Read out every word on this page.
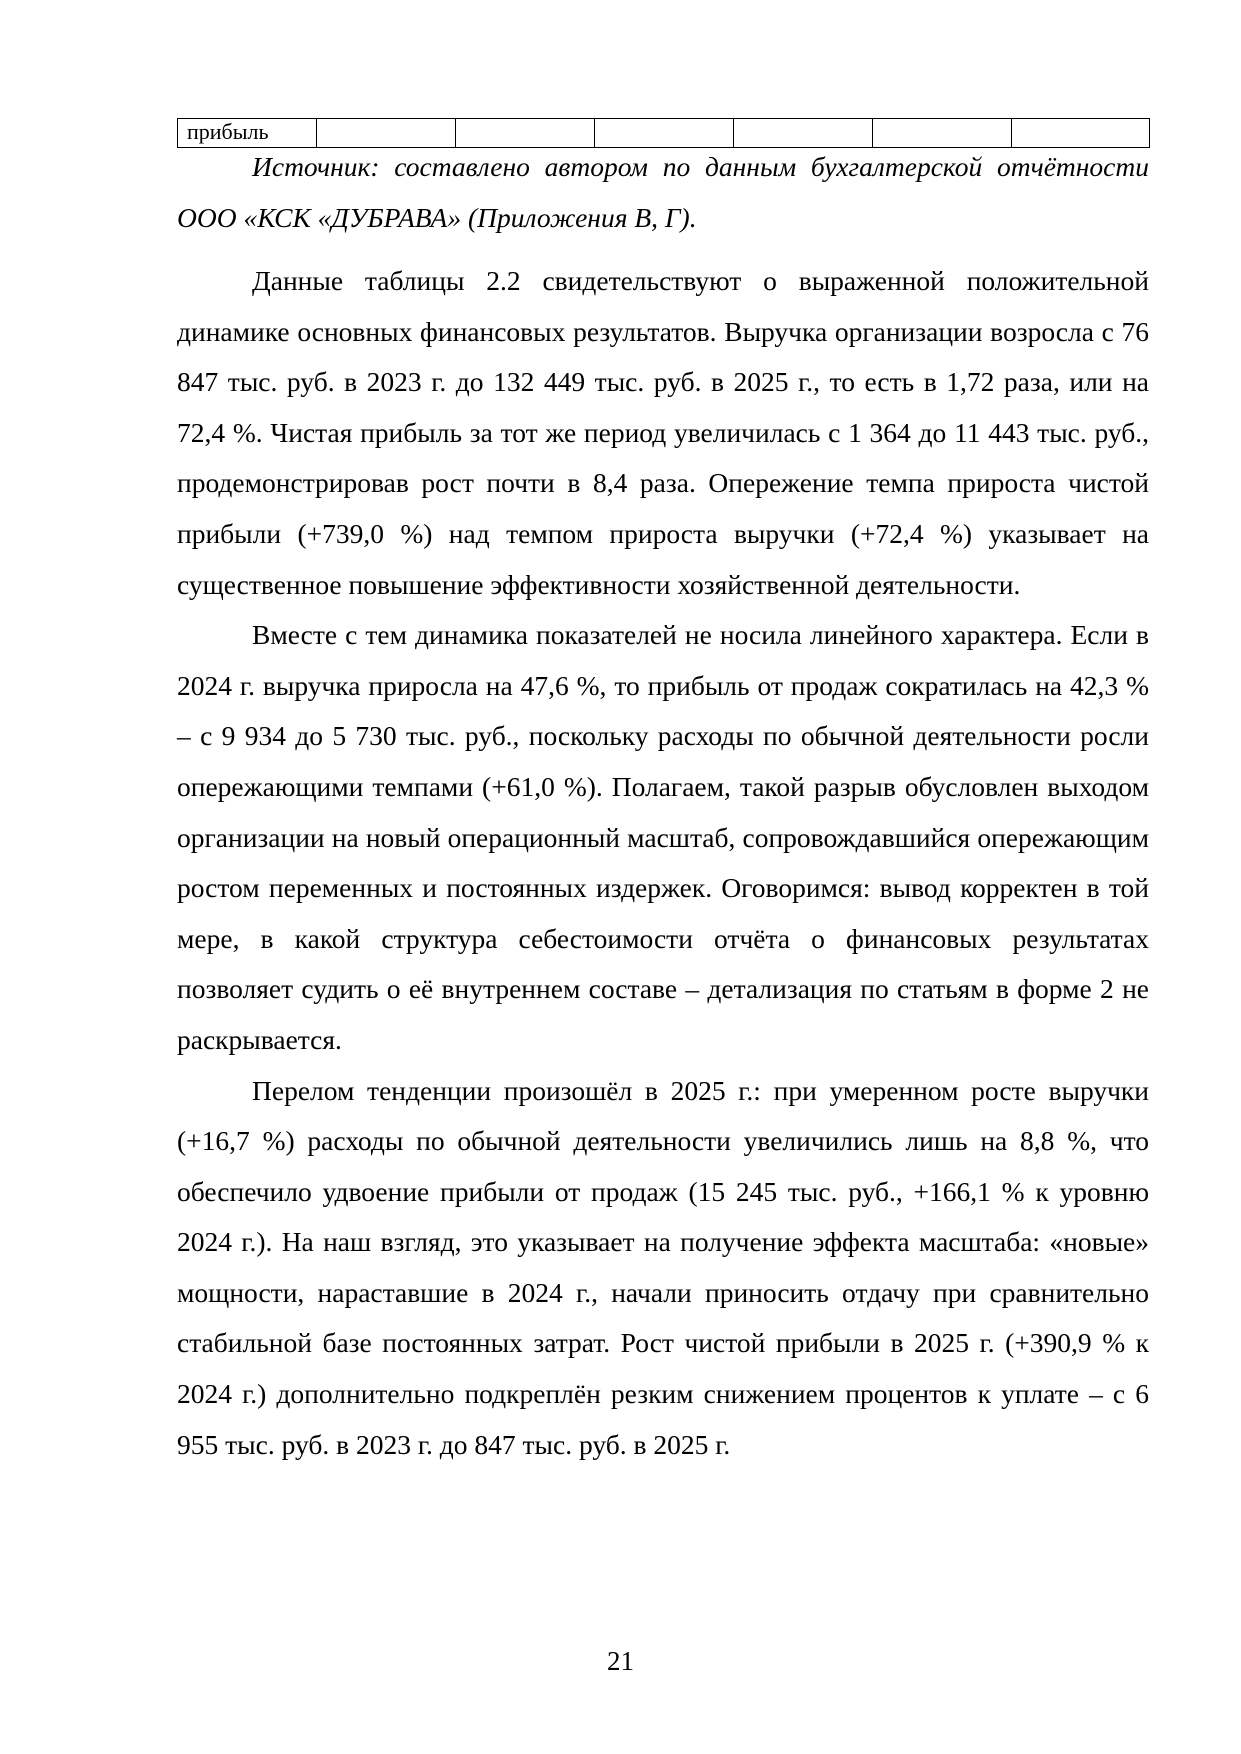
прибыль						

Источник: составлено автором по данным бухгалтерской отчётности ООО «КСК «ДУБРАВА» (Приложения В, Г).

Данные таблицы 2.2 свидетельствуют о выраженной положительной динамике основных финансовых результатов. Выручка организации возросла с 76 847 тыс. руб. в 2023 г. до 132 449 тыс. руб. в 2025 г., то есть в 1,72 раза, или на 72,4 %. Чистая прибыль за тот же период увеличилась с 1 364 до 11 443 тыс. руб., продемонстрировав рост почти в 8,4 раза. Опережение темпа прироста чистой прибыли (+739,0 %) над темпом прироста выручки (+72,4 %) указывает на существенное повышение эффективности хозяйственной деятельности.

Вместе с тем динамика показателей не носила линейного характера. Если в 2024 г. выручка приросла на 47,6 %, то прибыль от продаж сократилась на 42,3 % – с 9 934 до 5 730 тыс. руб., поскольку расходы по обычной деятельности росли опережающими темпами (+61,0 %). Полагаем, такой разрыв обусловлен выходом организации на новый операционный масштаб, сопровождавшийся опережающим ростом переменных и постоянных издержек. Оговоримся: вывод корректен в той мере, в какой структура себестоимости отчёта о финансовых результатах позволяет судить о её внутреннем составе – детализация по статьям в форме 2 не раскрывается.

Перелом тенденции произошёл в 2025 г.: при умеренном росте выручки (+16,7 %) расходы по обычной деятельности увеличились лишь на 8,8 %, что обеспечило удвоение прибыли от продаж (15 245 тыс. руб., +166,1 % к уровню 2024 г.). На наш взгляд, это указывает на получение эффекта масштаба: «новые» мощности, нараставшие в 2024 г., начали приносить отдачу при сравнительно стабильной базе постоянных затрат. Рост чистой прибыли в 2025 г. (+390,9 % к 2024 г.) дополнительно подкреплён резким снижением процентов к уплате – с 6 955 тыс. руб. в 2023 г. до 847 тыс. руб. в 2025 г.

21
